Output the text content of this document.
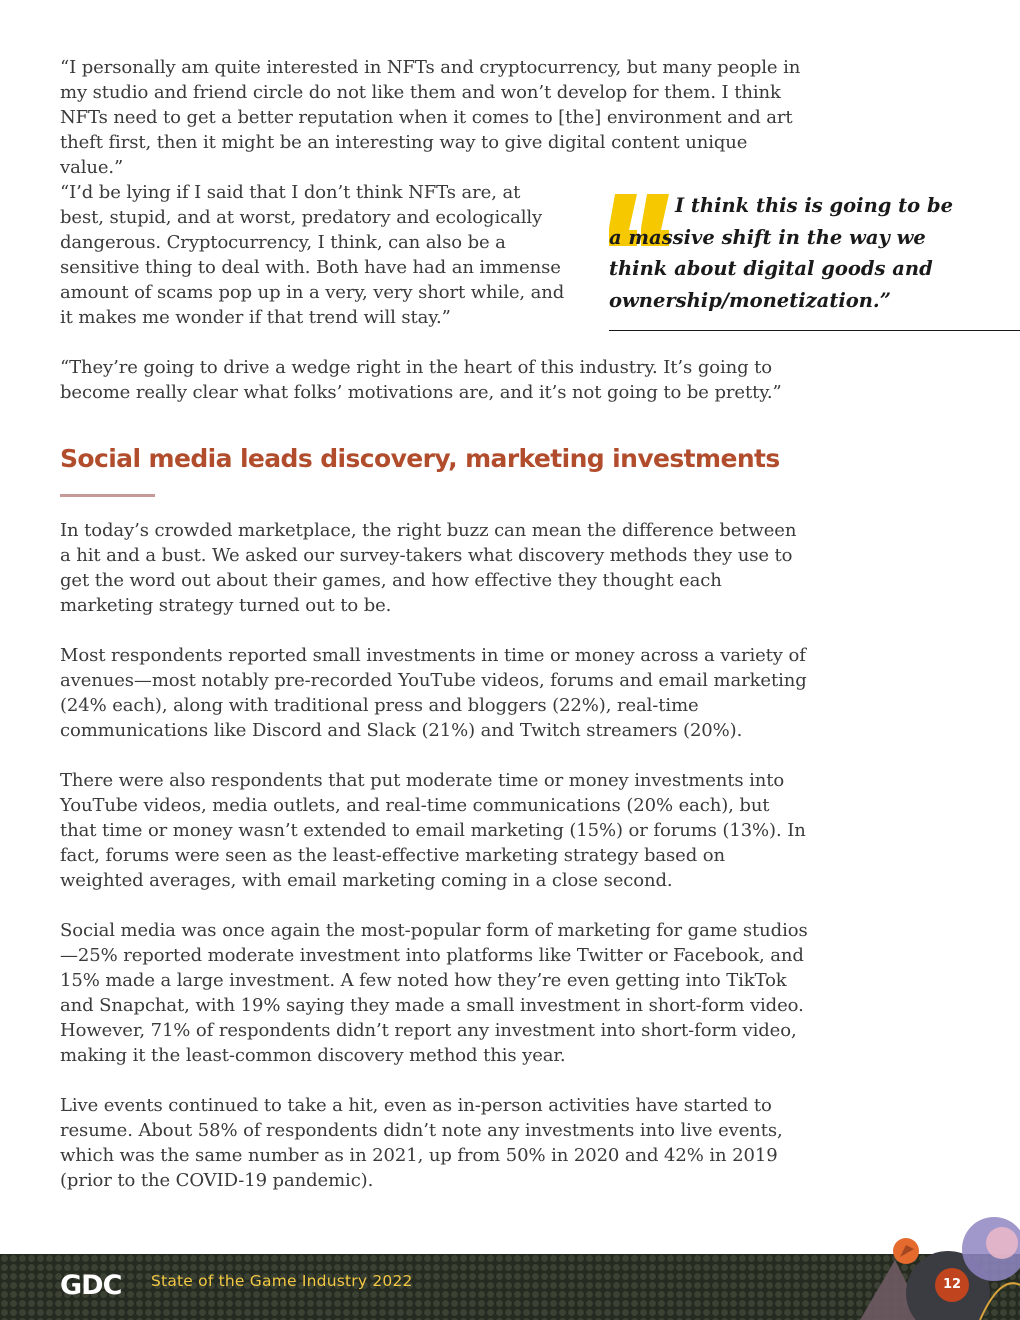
“I personally am quite interested in NFTs and cryptocurrency, but many people in my studio and friend circle do not like them and won’t develop for them. I think NFTs need to get a better reputation when it comes to [the] environment and art theft first, then it might be an interesting way to give digital content unique value.”

“I’d be lying if I said that I don’t think NFTs are, at best, stupid, and at worst, predatory and ecologically dangerous. Cryptocurrency, I think, can also be a sensitive thing to deal with. Both have had an immense amount of scams pop up in a very, very short while, and it makes me wonder if that trend will stay.”

I think this is going to be a massive shift in the way we think about digital goods and ownership/monetization.”

“They’re going to drive a wedge right in the heart of this industry. It’s going to become really clear what folks’ motivations are, and it’s not going to be pretty.”

Social media leads discovery, marketing investments

In today’s crowded marketplace, the right buzz can mean the difference between a hit and a bust. We asked our survey-takers what discovery methods they use to get the word out about their games, and how effective they thought each marketing strategy turned out to be.

Most respondents reported small investments in time or money across a variety of avenues—most notably pre-recorded YouTube videos, forums and email marketing (24% each), along with traditional press and bloggers (22%), real-time communications like Discord and Slack (21%) and Twitch streamers (20%).

There were also respondents that put moderate time or money investments into YouTube videos, media outlets, and real-time communications (20% each), but that time or money wasn’t extended to email marketing (15%) or forums (13%). In fact, forums were seen as the least-effective marketing strategy based on weighted averages, with email marketing coming in a close second.

Social media was once again the most-popular form of marketing for game studios—25% reported moderate investment into platforms like Twitter or Facebook, and 15% made a large investment. A few noted how they’re even getting into TikTok and Snapchat, with 19% saying they made a small investment in short-form video. However, 71% of respondents didn’t report any investment into short-form video, making it the least-common discovery method this year.

Live events continued to take a hit, even as in-person activities have started to resume. About 58% of respondents didn’t note any investments into live events, which was the same number as in 2021, up from 50% in 2020 and 42% in 2019 (prior to the COVID-19 pandemic).

GDC State of the Game Industry 2022	12
